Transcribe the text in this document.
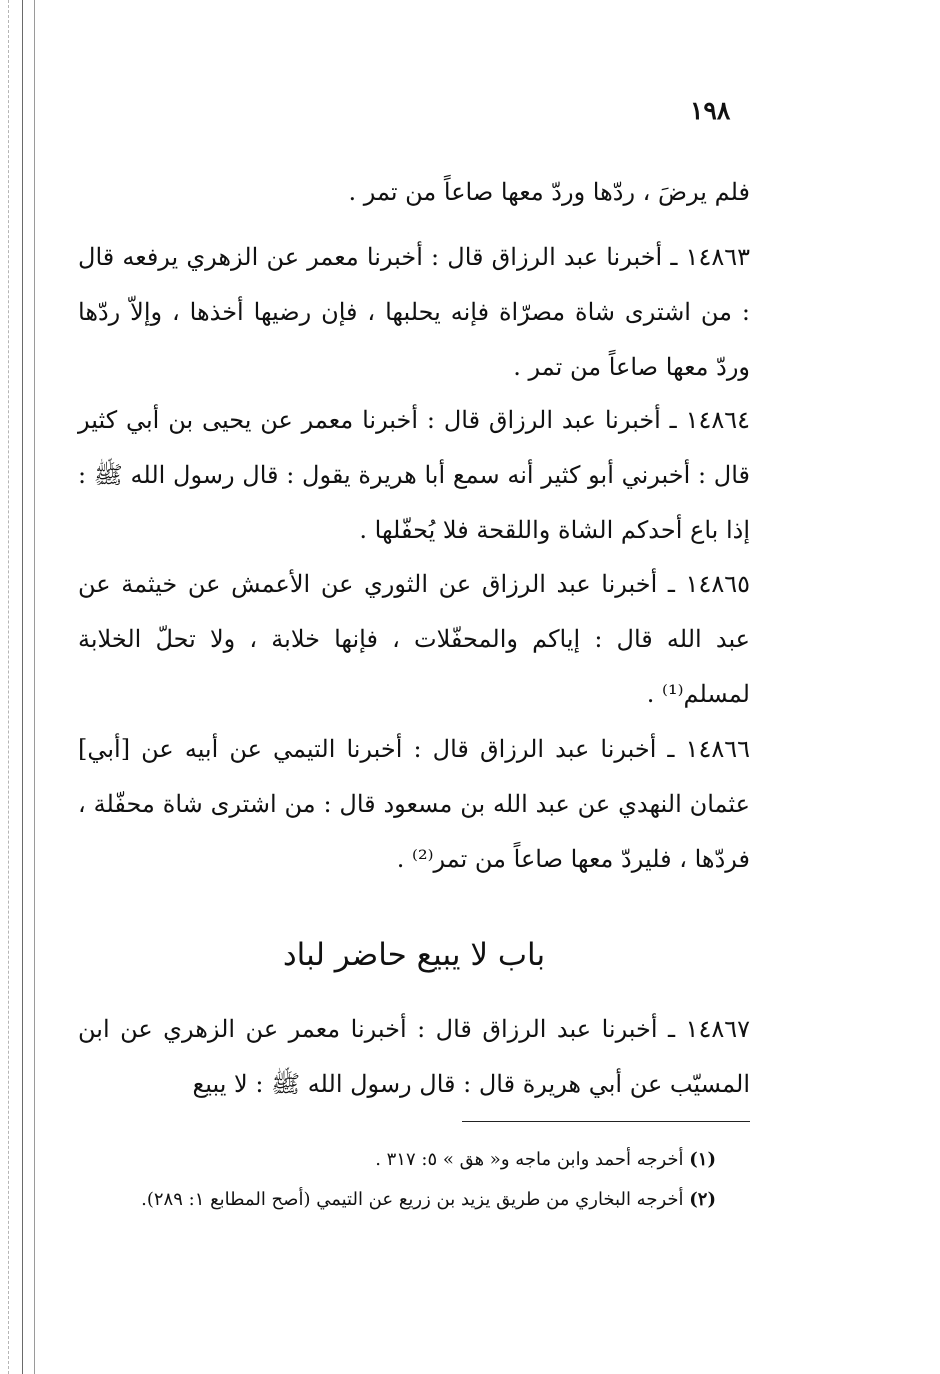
١٩٨

فلم يرضَ ، ردّها وردّ معها صاعاً من تمر .

١٤٨٦٣ ـ أخبرنا عبد الرزاق قال : أخبرنا معمر عن الزهري يرفعه قال : من اشترى شاة مصرّاة فإنه يحلبها ، فإن رضيها أخذها ، وإلاّ ردّها وردّ معها صاعاً من تمر .

١٤٨٦٤ ـ أخبرنا عبد الرزاق قال : أخبرنا معمر عن يحيى بن أبي كثير قال : أخبرني أبو كثير أنه سمع أبا هريرة يقول : قال رسول الله ﷺ : إذا باع أحدكم الشاة واللقحة فلا يُحفّلها .

١٤٨٦٥ ـ أخبرنا عبد الرزاق عن الثوري عن الأعمش عن خيثمة عن عبد الله قال : إياكم والمحفّلات ، فإنها خلابة ، ولا تحلّ الخلابة لمسلم⁽¹⁾ .

١٤٨٦٦ ـ أخبرنا عبد الرزاق قال : أخبرنا التيمي عن أبيه عن [أبي] عثمان النهدي عن عبد الله بن مسعود قال : من اشترى شاة محفّلة ، فردّها ، فليردّ معها صاعاً من تمر⁽²⁾ .

باب لا يبيع حاضر لباد

١٤٨٦٧ ـ أخبرنا عبد الرزاق قال : أخبرنا معمر عن الزهري عن ابن المسيّب عن أبي هريرة قال : قال رسول الله ﷺ : لا يبيع

(١) أخرجه أحمد وابن ماجه و« هق » ٥: ٣١٧ .

(٢) أخرجه البخاري من طريق يزيد بن زريع عن التيمي (أصح المطابع ١: ٢٨٩).
